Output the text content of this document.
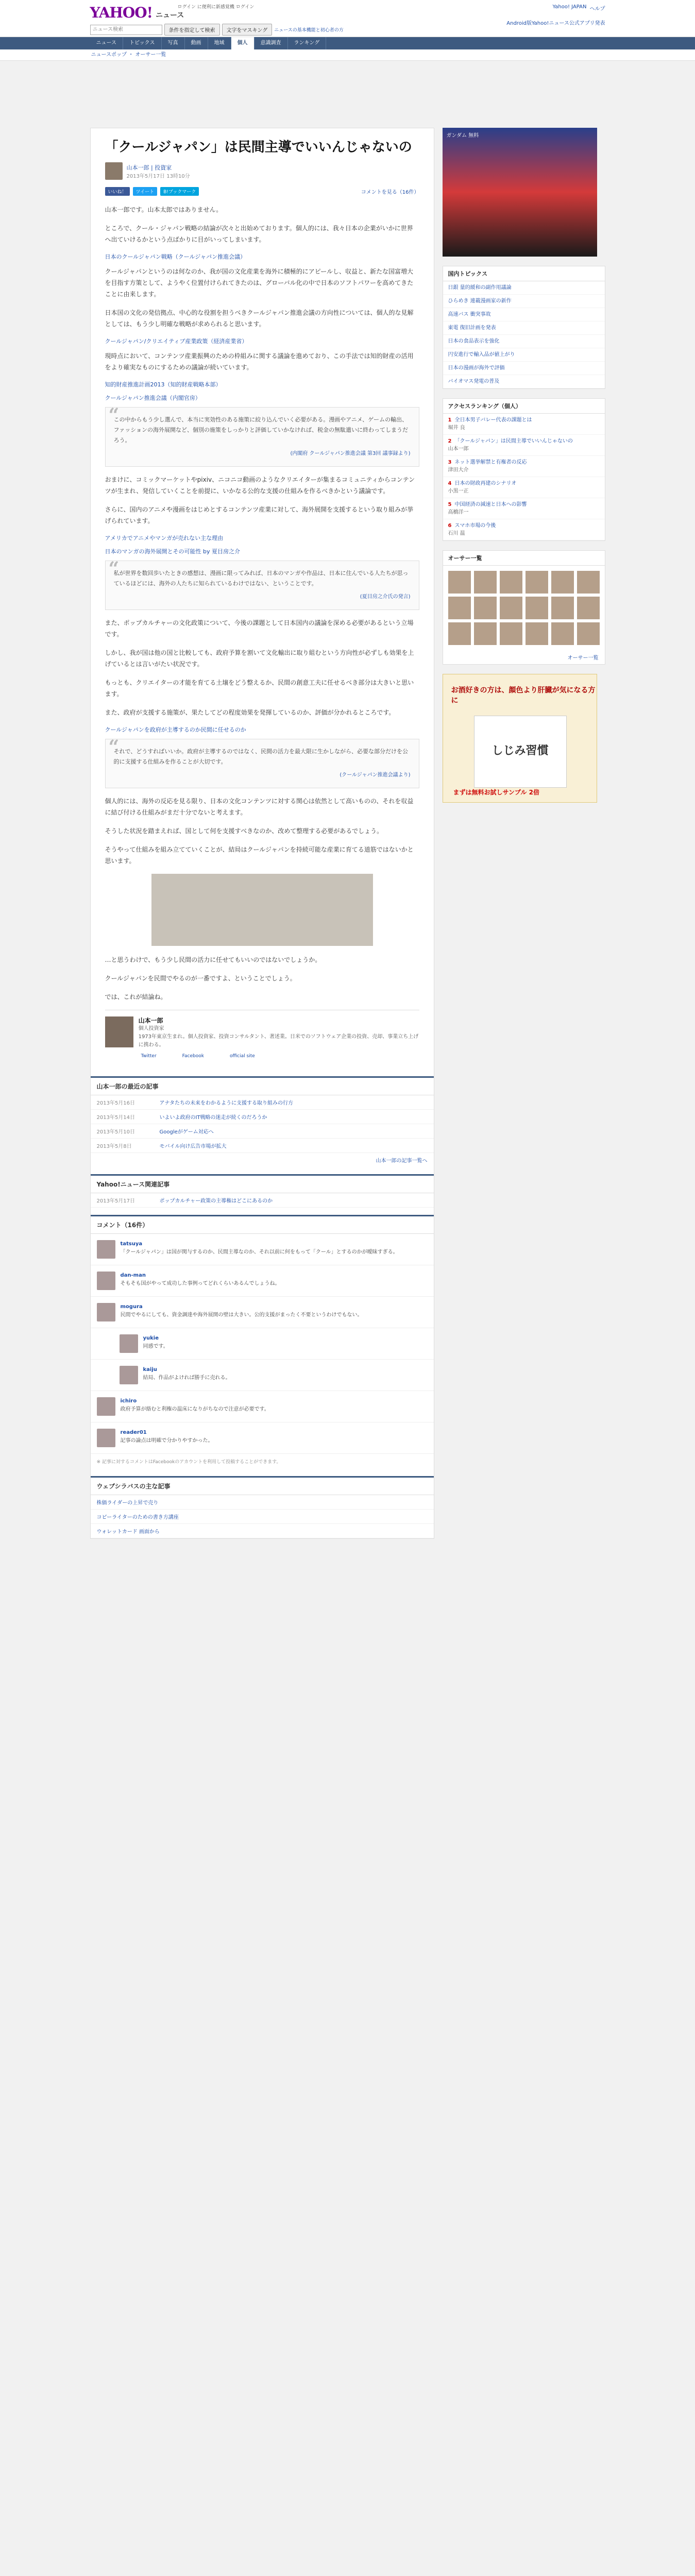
YAHOO! ニュース
ログイン に便利に新感覚機 ログイン	Yahoo! JAPAN ヘルプ
Android版Yahoo!ニュース公式アプリ発表
ニュース検索
条件を指定して検索	文字をマスキング	ニュースの基本機能と初心者の方
ニュース	トピックス	写真	動画	地域	個人	意識調査	ランキング
ニュースポップ ・ オーサー一覧
「クールジャパン」は民間主導でいいんじゃないの
山本一郎 | 投資家
2013年5月17日 13時10分
いいね！	ツイート	B!ブックマーク	コメントを見る（16件）

山本一郎です。山本太郎ではありません。

ところで、クール・ジャパン戦略の結論が次々と出始めております。個人的には、我々日本の企業がいかに世界へ出ていけるかという点ばかりに目がいってしまいます。

日本のクールジャパン戦略（クールジャパン推進会議）

クールジャパンというのは何なのか、我が国の文化産業を海外に積極的にアピールし、収益と、新たな国富増大を目指す方策として、ようやく位置付けられてきたのは、グローバル化の中で日本のソフトパワーを高めてきたことに由来します。

日本国の文化の発信拠点、中心的な役割を担うべきクールジャパン推進会議の方向性については、個人的な見解としては、もう少し明確な戦略が求められると思います。

クールジャパン/クリエイティブ産業政策（経済産業省）

現時点において、コンテンツ産業振興のための枠組みに関する議論を進めており、この手法では知的財産の活用をより確実なものにするための議論が続いています。

知的財産推進計画2013（知的財産戦略本部）
クールジャパン推進会議（内閣官房）
“
この中からもう少し選んで、本当に実効性のある施策に絞り込んでいく必要がある。漫画やアニメ、ゲームの輸出、ファッションの海外展開など、個別の施策をしっかりと評価していかなければ、税金の無駄遣いに終わってしまうだろう。
(内閣府 クールジャパン推進会議 第3回 議事録より)

おまけに、コミックマーケットやpixiv、ニコニコ動画のようなクリエイターが集まるコミュニティからコンテンツが生まれ、発信していくことを前提に、いかなる公的な支援の仕組みを作るべきかという議論です。

さらに、国内のアニメや漫画をはじめとするコンテンツ産業に対して、海外展開を支援するという取り組みが挙げられています。

アメリカでアニメやマンガが売れない主な理由
日本のマンガの海外展開とその可能性 by 夏目房之介
“
私が世界を数回歩いたときの感想は、漫画に限ってみれば、日本のマンガや作品は、日本に住んでいる人たちが思っているほどには、海外の人たちに知られているわけではない、ということです。
(夏目房之介氏の発言)

また、ポップカルチャーの文化政策について、今後の課題として日本国内の議論を深める必要があるという立場です。

しかし、我が国は他の国と比較しても、政府予算を割いて文化輸出に取り組むという方向性が必ずしも効果を上げているとは言いがたい状況です。

もっとも、クリエイターの才能を育てる土壌をどう整えるか、民間の創意工夫に任せるべき部分は大きいと思います。

また、政府が支援する施策が、果たしてどの程度効果を発揮しているのか、評価が分かれるところです。

クールジャパンを政府が主導するのか民間に任せるのか
“
それで、どうすればいいか。政府が主導するのではなく、民間の活力を最大限に生かしながら、必要な部分だけを公的に支援する仕組みを作ることが大切です。
(クールジャパン推進会議より)

個人的には、海外の反応を見る限り、日本の文化コンテンツに対する関心は依然として高いものの、それを収益に結び付ける仕組みがまだ十分でないと考えます。

そうした状況を踏まえれば、国として何を支援すべきなのか、改めて整理する必要があるでしょう。

そうやって仕組みを組み立てていくことが、結局はクールジャパンを持続可能な産業に育てる道筋ではないかと思います。

…と思うわけで、もう少し民間の活力に任せてもいいのではないでしょうか。

クールジャパンを民間でやるのが一番ですよ、ということでしょう。

では、これが結論ね。

山本一郎
個人投資家
1973年東京生まれ。個人投資家、投資コンサルタント、著述業。日米でのソフトウェア企業の投資、売却、事業立ち上げに携わる。
Twitter	Facebook	official site
山本一郎の最近の記事
2013年5月16日	アナタたちの未来をわかるように支援する取り組みの行方
2013年5月14日	いよいよ政府のIT戦略の迷走が続くのだろうか
2013年5月10日	Googleがゲーム対応へ
2013年5月8日	モバイル向け広告市場が拡大
山本一郎の記事一覧へ
Yahoo!ニュース関連記事
2013年5月17日	ポップカルチャー政策の主導権はどこにあるのか
コメント（16件）
tatsuya
「クールジャパン」は国が関与するのか、民間主導なのか、それ以前に何をもって「クール」とするのかが曖昧すぎる。
dan-man
そもそも国がやって成功した事例ってどれくらいあるんでしょうね。
mogura
民間でやるにしても、資金調達や海外展開の壁は大きい。公的支援がまったく不要というわけでもない。
yukie
同感です。
kaiju
結局、作品がよければ勝手に売れる。
ichiro
政府予算が絡むと利権の温床になりがちなので注意が必要です。
reader01
記事の論点は明確で分かりやすかった。
※ 記事に対するコメントはFacebookのアカウントを利用して投稿することができます。
ウェブシラバスの主な記事
株価ライダーの上昇で売り
コピーライターのための書き方講座
ウォレットカード 画面から
ガンダム 無料
国内トピックス
日銀 量的緩和の副作用議論
ひらめき 連載漫画家の新作
高速バス 衝突事故
東電 復旧計画を発表
日本の食品表示を強化
円安進行で輸入品が値上がり
日本の漫画が海外で評価
バイオマス発電の普及
アクセスランキング（個人）
1 全日本男子バレー代表の課題とは
堀井 良
2 「クールジャパン」は民間主導でいいんじゃないの
山本一郎
3 ネット選挙解禁と有権者の反応
津田大介
4 日本の財政再建のシナリオ
小黒一正
5 中国経済の減速と日本への影響
高橋洋一
6 スマホ市場の今後
石川 温
オーサー一覧
オーサー一覧
お酒好きの方は、顔色より肝臓が気になる方に
しじみ習慣
まずは無料お試しサンプル 2倍
